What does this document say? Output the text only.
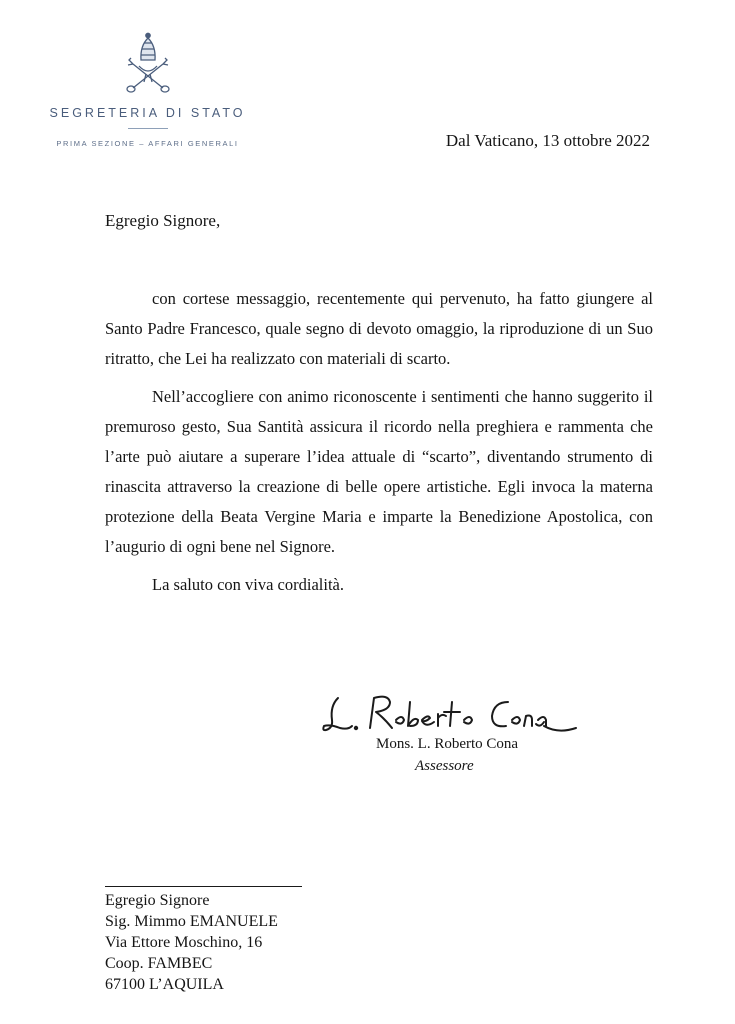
SEGRETERIA DI STATO
PRIMA SEZIONE – AFFARI GENERALI	Dal Vaticano, 13 ottobre 2022
Egregio Signore,

con cortese messaggio, recentemente qui pervenuto, ha fatto giungere al Santo Padre Francesco, quale segno di devoto omaggio, la riproduzione di un Suo ritratto, che Lei ha realizzato con materiali di scarto.

Nell’accogliere con animo riconoscente i sentimenti che hanno suggerito il premuroso gesto, Sua Santità assicura il ricordo nella preghiera e rammenta che l’arte può aiutare a superare l’idea attuale di “scarto”, diventando strumento di rinascita attraverso la creazione di belle opere artistiche. Egli invoca la materna protezione della Beata Vergine Maria e imparte la Benedizione Apostolica, con l’augurio di ogni bene nel Signore.

La saluto con viva cordialità.

Mons. L. Roberto Cona
Assessore
Egregio Signore
Sig. Mimmo EMANUELE
Via Ettore Moschino, 16
Coop. FAMBEC
67100 L’AQUILA
